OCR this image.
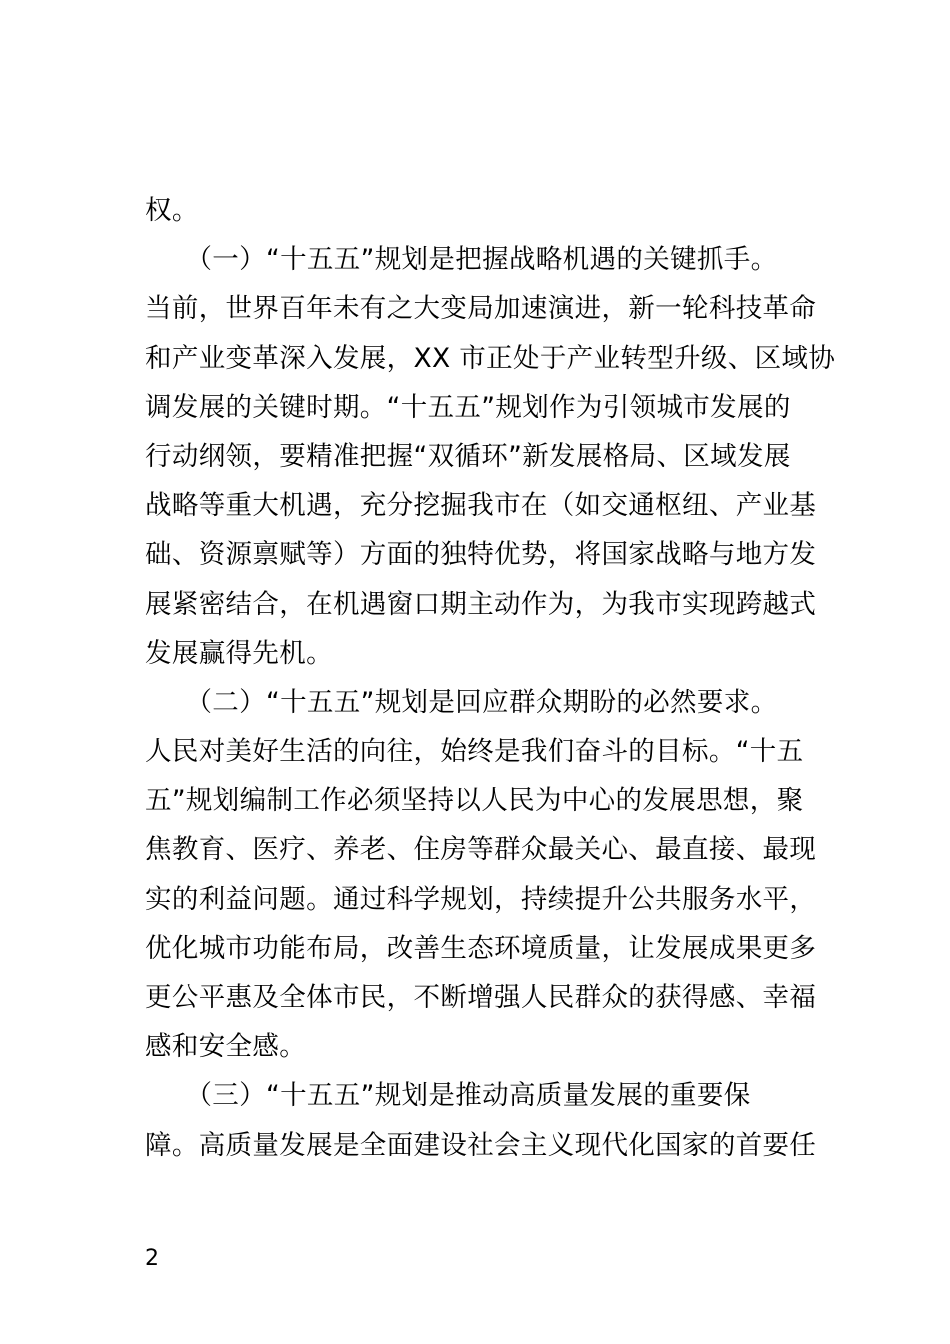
权。
　　（一）“十五五”规划是把握战略机遇的关键抓手。
当前，世界百年未有之大变局加速演进，新一轮科技革命
和产业变革深入发展，XX 市正处于产业转型升级、区域协
调发展的关键时期。“十五五”规划作为引领城市发展的
行动纲领，要精准把握“双循环”新发展格局、区域发展
战略等重大机遇，充分挖掘我市在（如交通枢纽、产业基
础、资源禀赋等）方面的独特优势，将国家战略与地方发
展紧密结合，在机遇窗口期主动作为，为我市实现跨越式
发展赢得先机。
　　（二）“十五五”规划是回应群众期盼的必然要求。
人民对美好生活的向往，始终是我们奋斗的目标。“十五
五”规划编制工作必须坚持以人民为中心的发展思想，聚
焦教育、医疗、养老、住房等群众最关心、最直接、最现
实的利益问题。通过科学规划，持续提升公共服务水平，
优化城市功能布局，改善生态环境质量，让发展成果更多
更公平惠及全体市民，不断增强人民群众的获得感、幸福
感和安全感。
　　（三）“十五五”规划是推动高质量发展的重要保
障。高质量发展是全面建设社会主义现代化国家的首要任
2
